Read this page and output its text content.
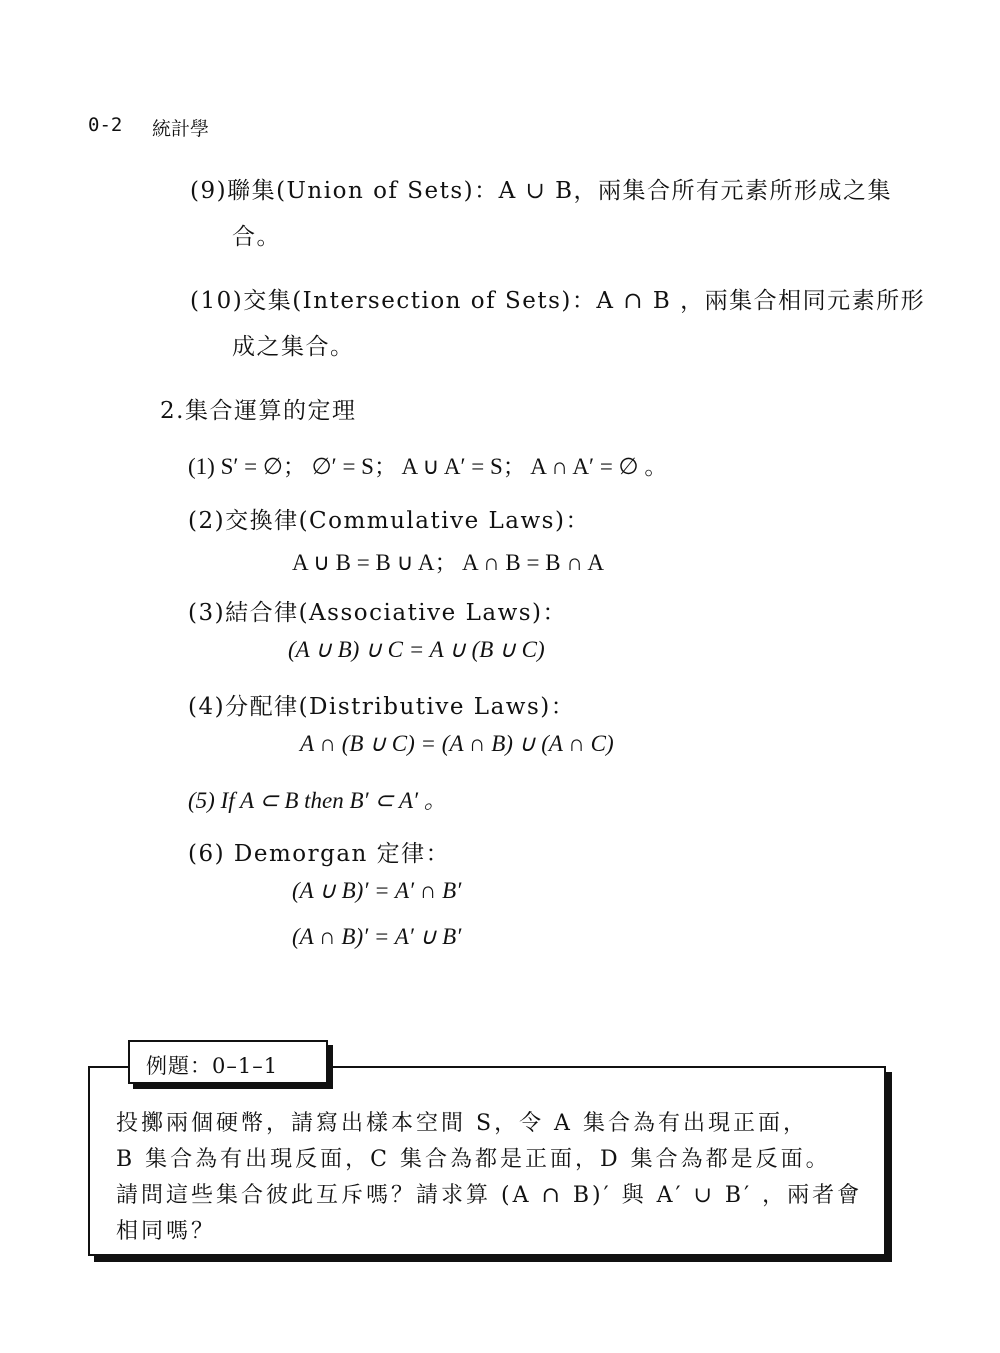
0-2 統計學
(9)聯集(Union of Sets)：A ∪ B，兩集合所有元素所形成之集
合。
(10)交集(Intersection of Sets)：A ∩ B ，兩集合相同元素所形
成之集合。
2.集合運算的定理
(1) S′ = ∅； ∅′ = S； A ∪ A′ = S； A ∩ A′ = ∅ 。
(2)交換律(Commulative Laws)：
A ∪ B = B ∪ A； A ∩ B = B ∩ A
(3)結合律(Associative Laws)：
(A ∪ B) ∪ C = A ∪ (B ∪ C)
(4)分配律(Distributive Laws)：
A ∩ (B ∪ C) = (A ∩ B) ∪ (A ∩ C)
(5) If A ⊂ B then B′ ⊂ A′ 。
(6) Demorgan 定律：
(A ∪ B)′ = A′ ∩ B′
(A ∩ B)′ = A′ ∪ B′
例題：0–1–1
投擲兩個硬幣，請寫出樣本空間 S，令 A 集合為有出現正面，
B 集合為有出現反面，C 集合為都是正面，D 集合為都是反面。
請問這些集合彼此互斥嗎？請求算 (A ∩ B)′ 與 A′ ∪ B′ ，兩者會
相同嗎？
